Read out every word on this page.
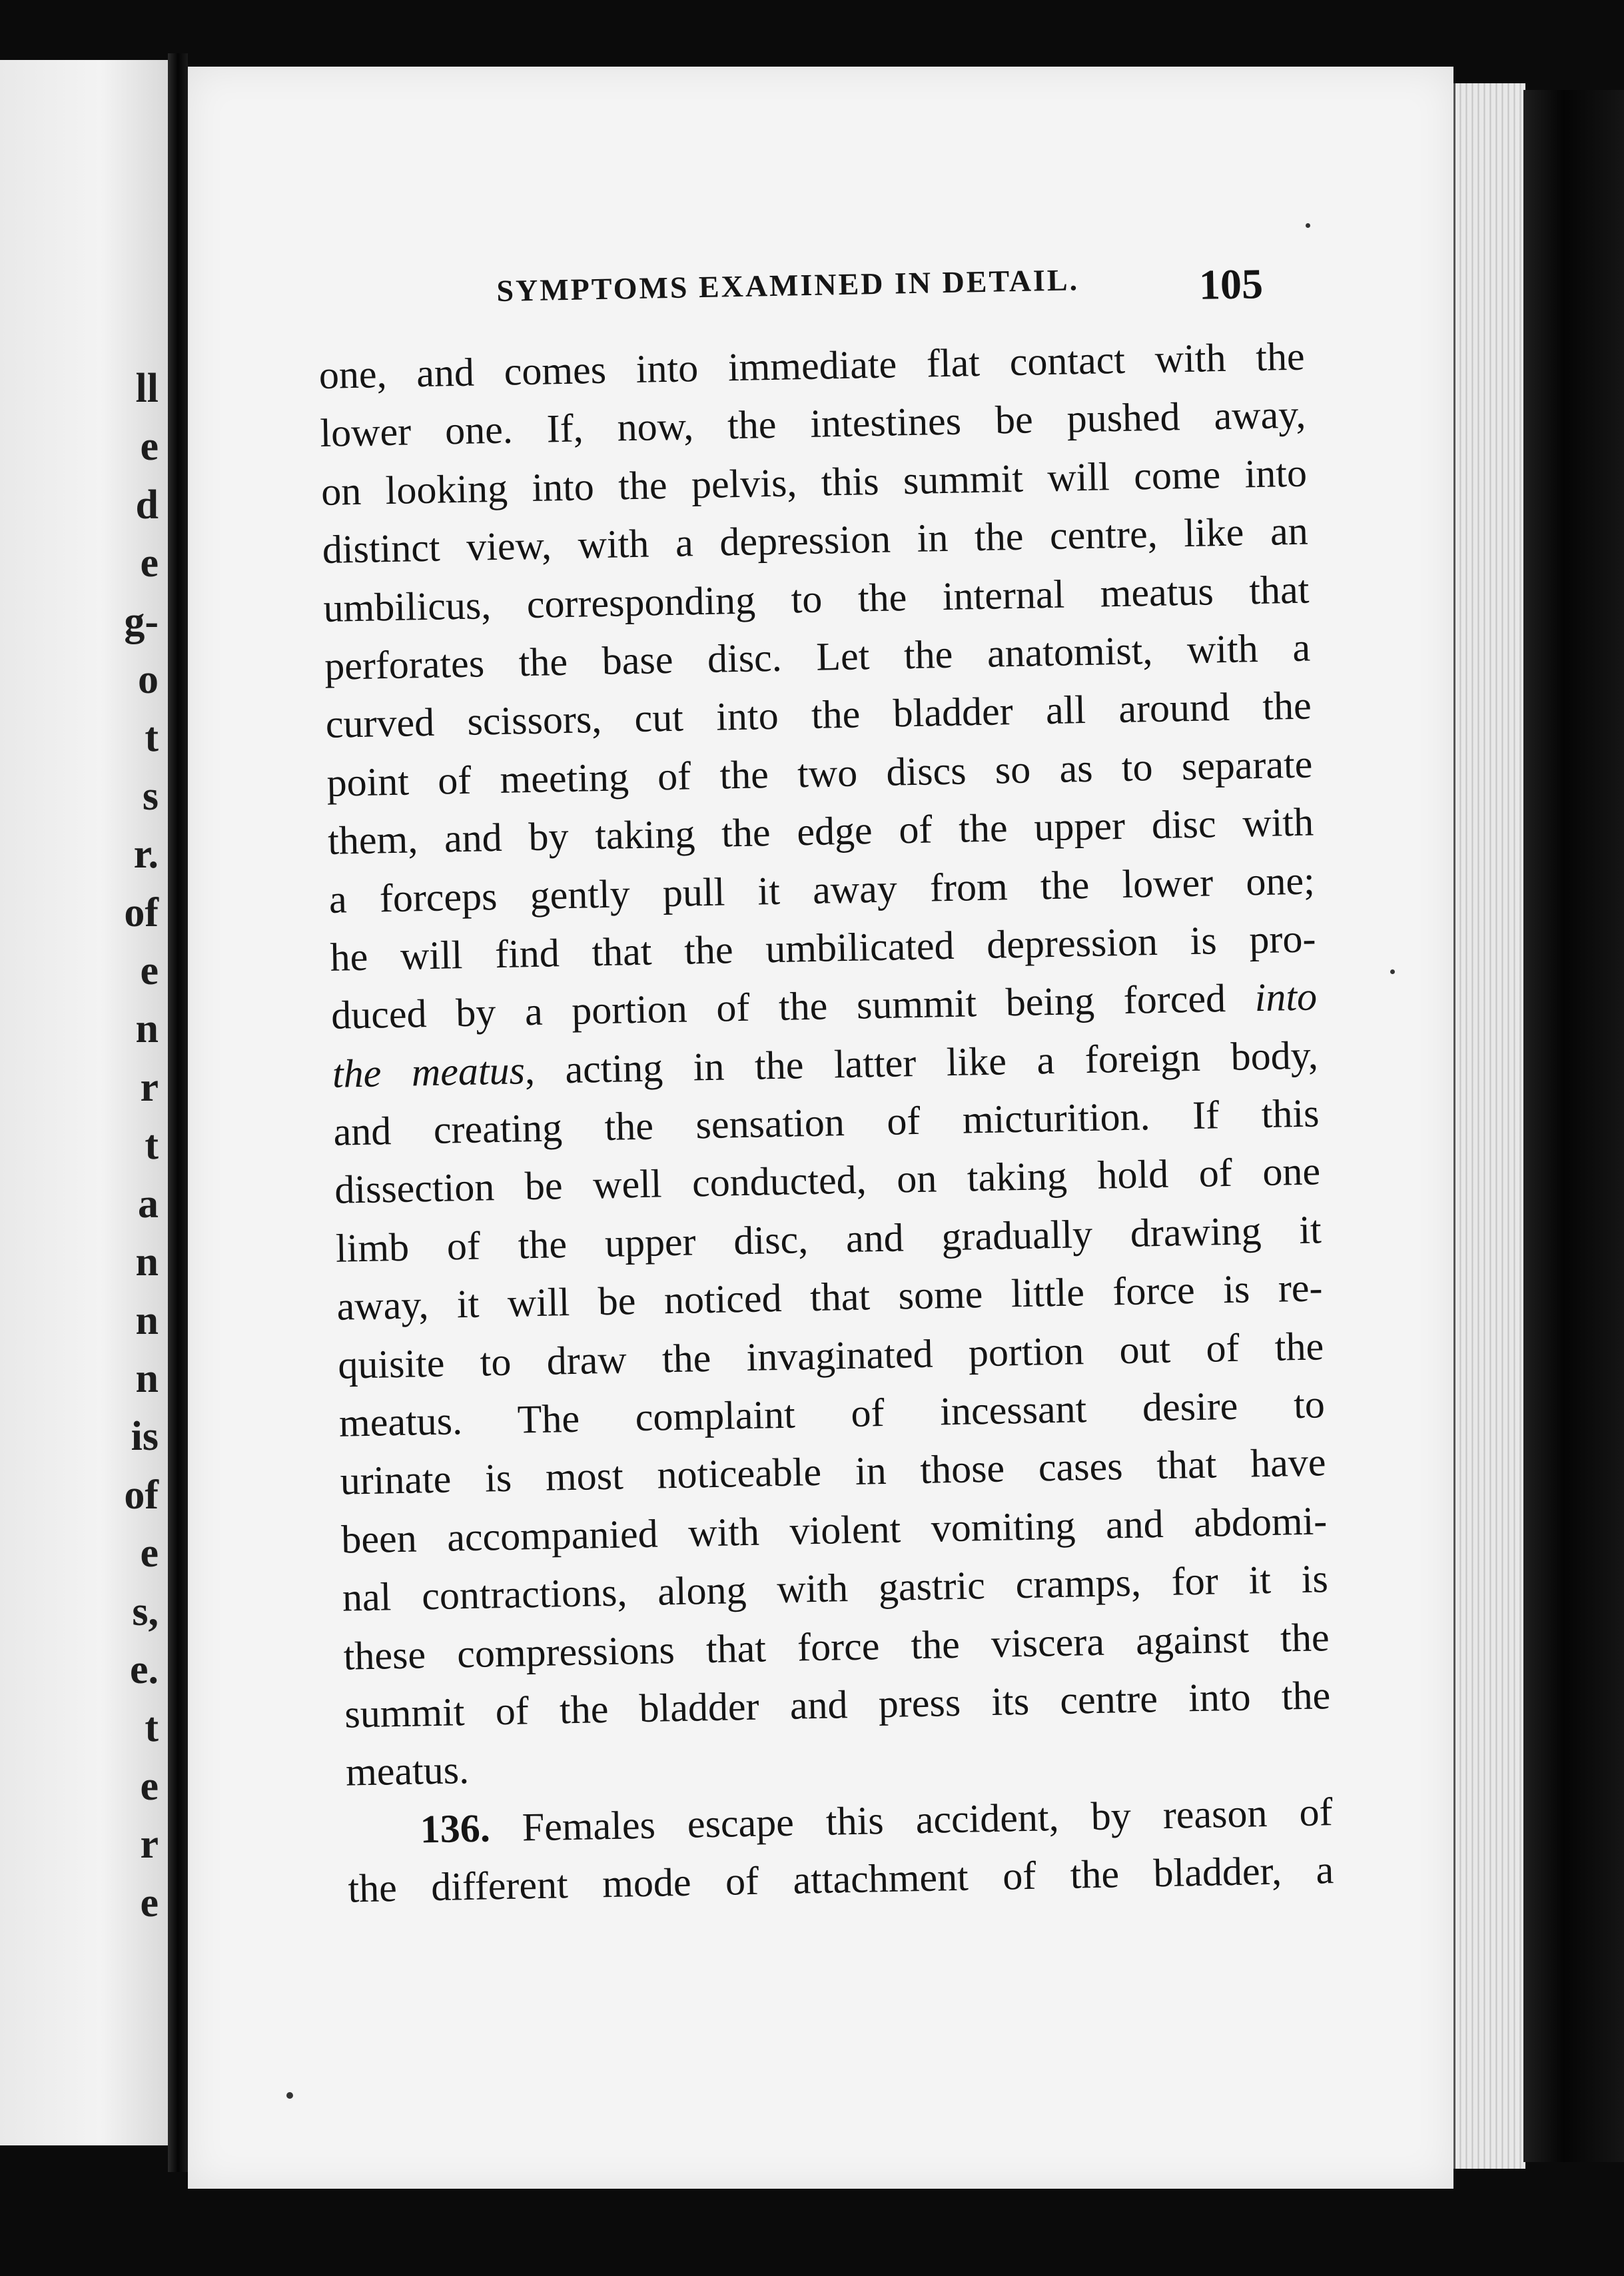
ll
e
d
e
g-
o
t
s
r.
of
e
n
r
t
a
n
n
n
is
of
e
s,
e.
t
e
r
e
SYMPTOMS EXAMINED IN DETAIL.	105
one, and comes into immediate flat contact with the
lower one. If, now, the intestines be pushed away,
on looking into the pelvis, this summit will come into
distinct view, with a depression in the centre, like an
umbilicus, corresponding to the internal meatus that
perforates the base disc. Let the anatomist, with a
curved scissors, cut into the bladder all around the
point of meeting of the two discs so as to separate
them, and by taking the edge of the upper disc with
a forceps gently pull it away from the lower one;
he will find that the umbilicated depression is pro-
duced by a portion of the summit being forced into
the meatus, acting in the latter like a foreign body,
and creating the sensation of micturition. If this
dissection be well conducted, on taking hold of one
limb of the upper disc, and gradually drawing it
away, it will be noticed that some little force is re-
quisite to draw the invaginated portion out of the
meatus. The complaint of incessant desire to
urinate is most noticeable in those cases that have
been accompanied with violent vomiting and abdomi-
nal contractions, along with gastric cramps, for it is
these compressions that force the viscera against the
summit of the bladder and press its centre into the
meatus.
136. Females escape this accident, by reason of
the different mode of attachment of the bladder, a
